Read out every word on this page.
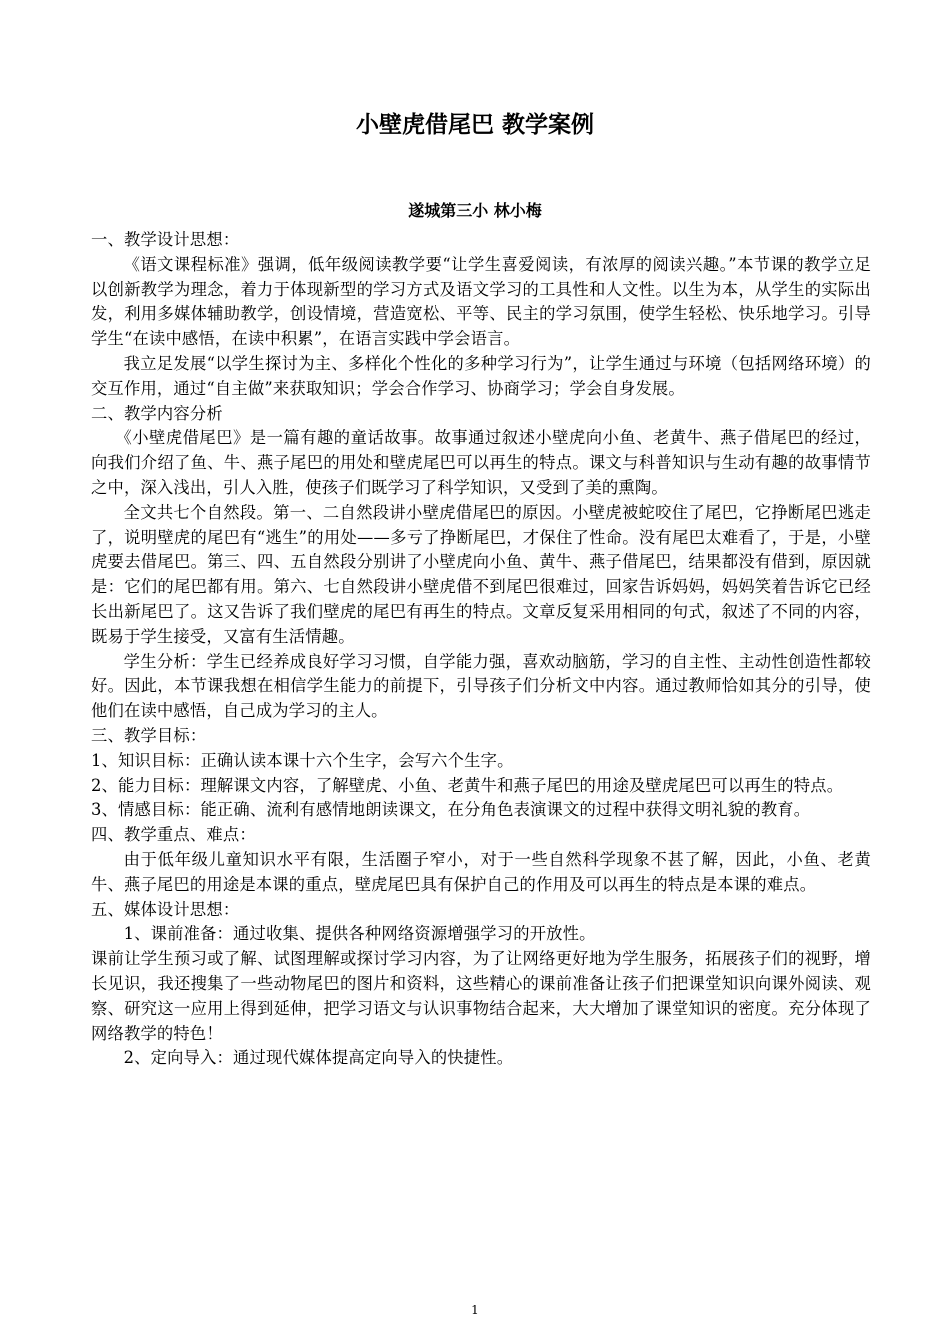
小壁虎借尾巴 教学案例
遂城第三小 林小梅

一、教学设计思想：

《语文课程标准》强调，低年级阅读教学要“让学生喜爱阅读，有浓厚的阅读兴趣。”本节课的教学立足以创新教学为理念，着力于体现新型的学习方式及语文学习的工具性和人文性。以生为本，从学生的实际出发，利用多媒体辅助教学，创设情境，营造宽松、平等、民主的学习氛围，使学生轻松、快乐地学习。引导学生“在读中感悟，在读中积累”，在语言实践中学会语言。

我立足发展“以学生探讨为主、多样化个性化的多种学习行为”，让学生通过与环境（包括网络环境）的交互作用，通过“自主做”来获取知识；学会合作学习、协商学习；学会自身发展。

二、教学内容分析

《小壁虎借尾巴》是一篇有趣的童话故事。故事通过叙述小壁虎向小鱼、老黄牛、燕子借尾巴的经过，向我们介绍了鱼、牛、燕子尾巴的用处和壁虎尾巴可以再生的特点。课文与科普知识与生动有趣的故事情节之中，深入浅出，引人入胜，使孩子们既学习了科学知识，又受到了美的熏陶。

全文共七个自然段。第一、二自然段讲小壁虎借尾巴的原因。小壁虎被蛇咬住了尾巴，它挣断尾巴逃走了，说明壁虎的尾巴有“逃生”的用处——多亏了挣断尾巴，才保住了性命。没有尾巴太难看了，于是，小壁虎要去借尾巴。第三、四、五自然段分别讲了小壁虎向小鱼、黄牛、燕子借尾巴，结果都没有借到，原因就是：它们的尾巴都有用。第六、七自然段讲小壁虎借不到尾巴很难过，回家告诉妈妈，妈妈笑着告诉它已经长出新尾巴了。这又告诉了我们壁虎的尾巴有再生的特点。文章反复采用相同的句式，叙述了不同的内容，既易于学生接受，又富有生活情趣。

学生分析：学生已经养成良好学习习惯，自学能力强，喜欢动脑筋，学习的自主性、主动性创造性都较好。因此，本节课我想在相信学生能力的前提下，引导孩子们分析文中内容。通过教师恰如其分的引导，使他们在读中感悟，自己成为学习的主人。

三、教学目标：

1、知识目标：正确认读本课十六个生字，会写六个生字。

2、能力目标：理解课文内容，了解壁虎、小鱼、老黄牛和燕子尾巴的用途及壁虎尾巴可以再生的特点。

3、情感目标：能正确、流利有感情地朗读课文，在分角色表演课文的过程中获得文明礼貌的教育。

四、教学重点、难点：

由于低年级儿童知识水平有限，生活圈子窄小，对于一些自然科学现象不甚了解，因此，小鱼、老黄牛、燕子尾巴的用途是本课的重点，壁虎尾巴具有保护自己的作用及可以再生的特点是本课的难点。

五、媒体设计思想：

1、课前准备：通过收集、提供各种网络资源增强学习的开放性。

课前让学生预习或了解、试图理解或探讨学习内容，为了让网络更好地为学生服务，拓展孩子们的视野，增长见识，我还搜集了一些动物尾巴的图片和资料，这些精心的课前准备让孩子们把课堂知识向课外阅读、观察、研究这一应用上得到延伸，把学习语文与认识事物结合起来，大大增加了课堂知识的密度。充分体现了网络教学的特色！

2、定向导入：通过现代媒体提高定向导入的快捷性。

1
